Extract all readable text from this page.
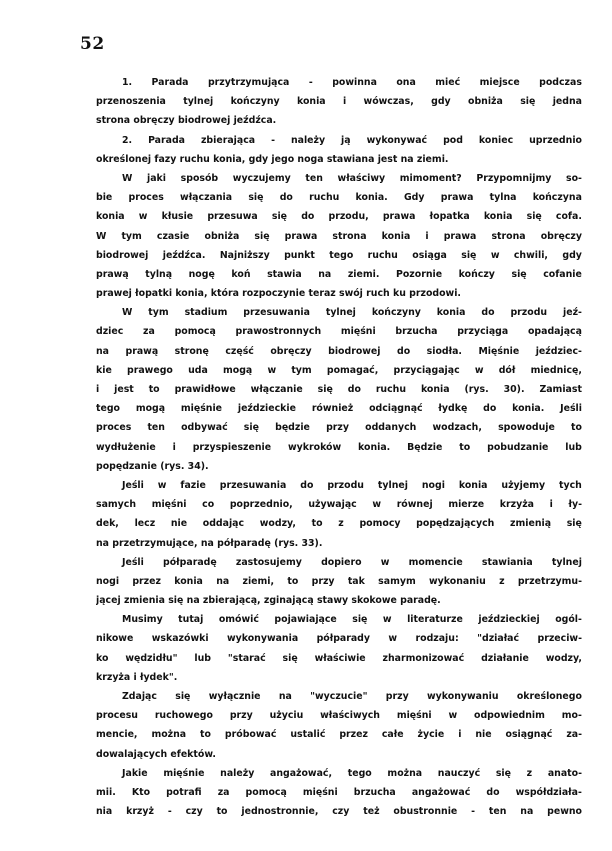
52
1. Parada przytrzymująca - powinna ona mieć miejsce podczas
przenoszenia tylnej kończyny konia i wówczas, gdy obniża się jedna
strona
obręczy
biodrowej
jeźdźca.
2. Parada zbierająca - należy ją wykonywać pod koniec uprzednio
określonej
fazy
ruchu
konia,
gdy
jego
noga
stawiana
jest
na
ziemi.
W jaki sposób wyczujemy ten właściwy mimoment? Przypomnijmy so-
bie proces włączania się do ruchu konia. Gdy prawa tylna kończyna
konia w kłusie przesuwa się do przodu, prawa łopatka konia się cofa.
W tym czasie obniża się prawa strona konia i prawa strona obręczy
biodrowej jeźdźca. Najniższy punkt tego ruchu osiąga się w chwili, gdy
prawą tylną nogę koń stawia na ziemi. Pozornie kończy się cofanie
prawej
łopatki
konia,
która
rozpoczynie
teraz
swój
ruch
ku
przodowi.
W tym stadium przesuwania tylnej kończyny konia do przodu jeź-
dziec za pomocą prawostronnych mięśni brzucha przyciąga opadającą
na prawą stronę część obręczy biodrowej do siodła. Mięśnie jeździec-
kie prawego uda mogą w tym pomagać, przyciągając w dół miednicę,
i jest to prawidłowe włączanie się do ruchu konia (rys. 30). Zamiast
tego mogą mięśnie jeździeckie również odciągnąć łydkę do konia. Jeśli
proces ten odbywać się będzie przy oddanych wodzach, spowoduje to
wydłużenie i przyspieszenie wykroków konia. Będzie to pobudzanie lub
popędzanie
(rys.
34).
Jeśli w fazie przesuwania do przodu tylnej nogi konia użyjemy tych
samych mięśni co poprzednio, używając w równej mierze krzyża i ły-
dek, lecz nie oddając wodzy, to z pomocy popędzających zmienią się
na
przetrzymujące,
na
półparadę
(rys.
33).
Jeśli półparadę zastosujemy dopiero w momencie stawiania tylnej
nogi przez konia na ziemi, to przy tak samym wykonaniu z przetrzymu-
jącej
zmienia
się
na
zbierającą,
zginającą
stawy
skokowe
paradę.
Musimy tutaj omówić pojawiające się w literaturze jeździeckiej ogól-
nikowe wskazówki wykonywania półparady w rodzaju: "działać przeciw-
ko wędzidłu" lub "starać się właściwie zharmonizować działanie wodzy,
krzyża
i
łydek".
Zdając się wyłącznie na "wyczucie" przy wykonywaniu określonego
procesu ruchowego przy użyciu właściwych mięśni w odpowiednim mo-
mencie, można to próbować ustalić przez całe życie i nie osiągnąć za-
dowalających
efektów.
Jakie mięśnie należy angażować, tego można nauczyć się z anato-
mii. Kto potrafi za pomocą mięśni brzucha angażować do współdziała-
nia krzyż - czy to jednostronnie, czy też obustronnie - ten na pewno
